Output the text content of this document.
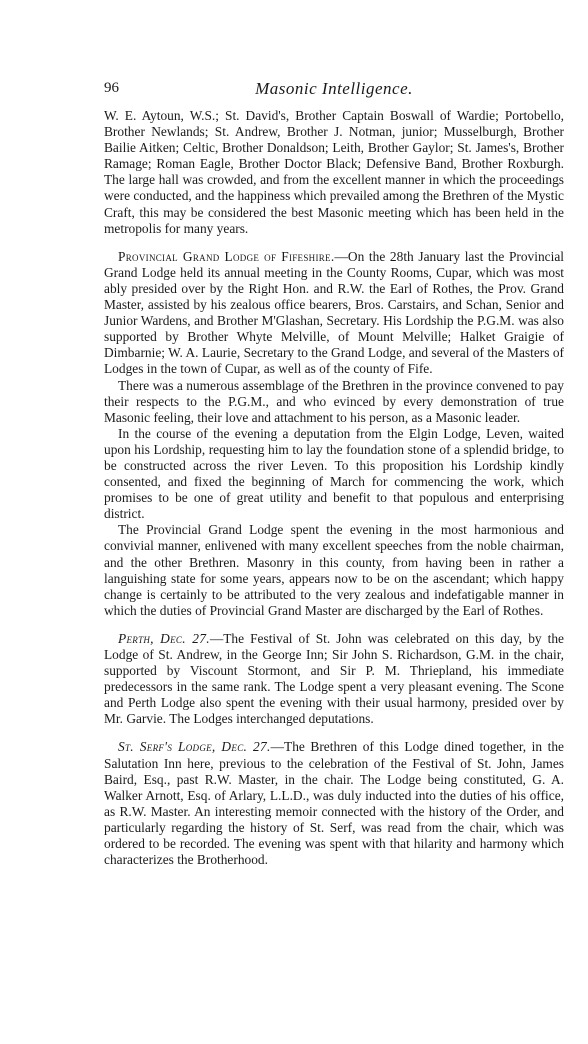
96	Masonic Intelligence.

W. E. Aytoun, W.S.; St. David's, Brother Captain Boswall of Wardie; Portobello, Brother Newlands; St. Andrew, Brother J. Notman, junior; Musselburgh, Brother Bailie Aitken; Celtic, Brother Donaldson; Leith, Brother Gaylor; St. James's, Brother Ramage; Roman Eagle, Brother Doctor Black; Defensive Band, Brother Roxburgh. The large hall was crowded, and from the excellent manner in which the proceedings were conducted, and the happiness which prevailed among the Brethren of the Mystic Craft, this may be considered the best Masonic meeting which has been held in the metropolis for many years.

Provincial Grand Lodge of Fifeshire.—On the 28th January last the Provincial Grand Lodge held its annual meeting in the County Rooms, Cupar, which was most ably presided over by the Right Hon. and R.W. the Earl of Rothes, the Prov. Grand Master, assisted by his zealous office bearers, Bros. Carstairs, and Schan, Senior and Junior Wardens, and Brother M'Glashan, Secretary. His Lordship the P.G.M. was also supported by Brother Whyte Melville, of Mount Melville; Halket Graigie of Dimbarnie; W. A. Laurie, Secretary to the Grand Lodge, and several of the Masters of Lodges in the town of Cupar, as well as of the county of Fife.

There was a numerous assemblage of the Brethren in the province convened to pay their respects to the P.G.M., and who evinced by every demonstration of true Masonic feeling, their love and attachment to his person, as a Masonic leader.

In the course of the evening a deputation from the Elgin Lodge, Leven, waited upon his Lordship, requesting him to lay the foundation stone of a splendid bridge, to be constructed across the river Leven. To this proposition his Lordship kindly consented, and fixed the beginning of March for commencing the work, which promises to be one of great utility and benefit to that populous and enterprising district.

The Provincial Grand Lodge spent the evening in the most harmonious and convivial manner, enlivened with many excellent speeches from the noble chairman, and the other Brethren. Masonry in this county, from having been in rather a languishing state for some years, appears now to be on the ascendant; which happy change is certainly to be attributed to the very zealous and indefatigable manner in which the duties of Provincial Grand Master are discharged by the Earl of Rothes.

Perth, Dec. 27.—The Festival of St. John was celebrated on this day, by the Lodge of St. Andrew, in the George Inn; Sir John S. Richardson, G.M. in the chair, supported by Viscount Stormont, and Sir P. M. Thriepland, his immediate predecessors in the same rank. The Lodge spent a very pleasant evening. The Scone and Perth Lodge also spent the evening with their usual harmony, presided over by Mr. Garvie. The Lodges interchanged deputations.

St. Serf's Lodge, Dec. 27.—The Brethren of this Lodge dined together, in the Salutation Inn here, previous to the celebration of the Festival of St. John, James Baird, Esq., past R.W. Master, in the chair. The Lodge being constituted, G. A. Walker Arnott, Esq. of Arlary, L.L.D., was duly inducted into the duties of his office, as R.W. Master. An interesting memoir connected with the history of the Order, and particularly regarding the history of St. Serf, was read from the chair, which was ordered to be recorded. The evening was spent with that hilarity and harmony which characterizes the Brotherhood.
